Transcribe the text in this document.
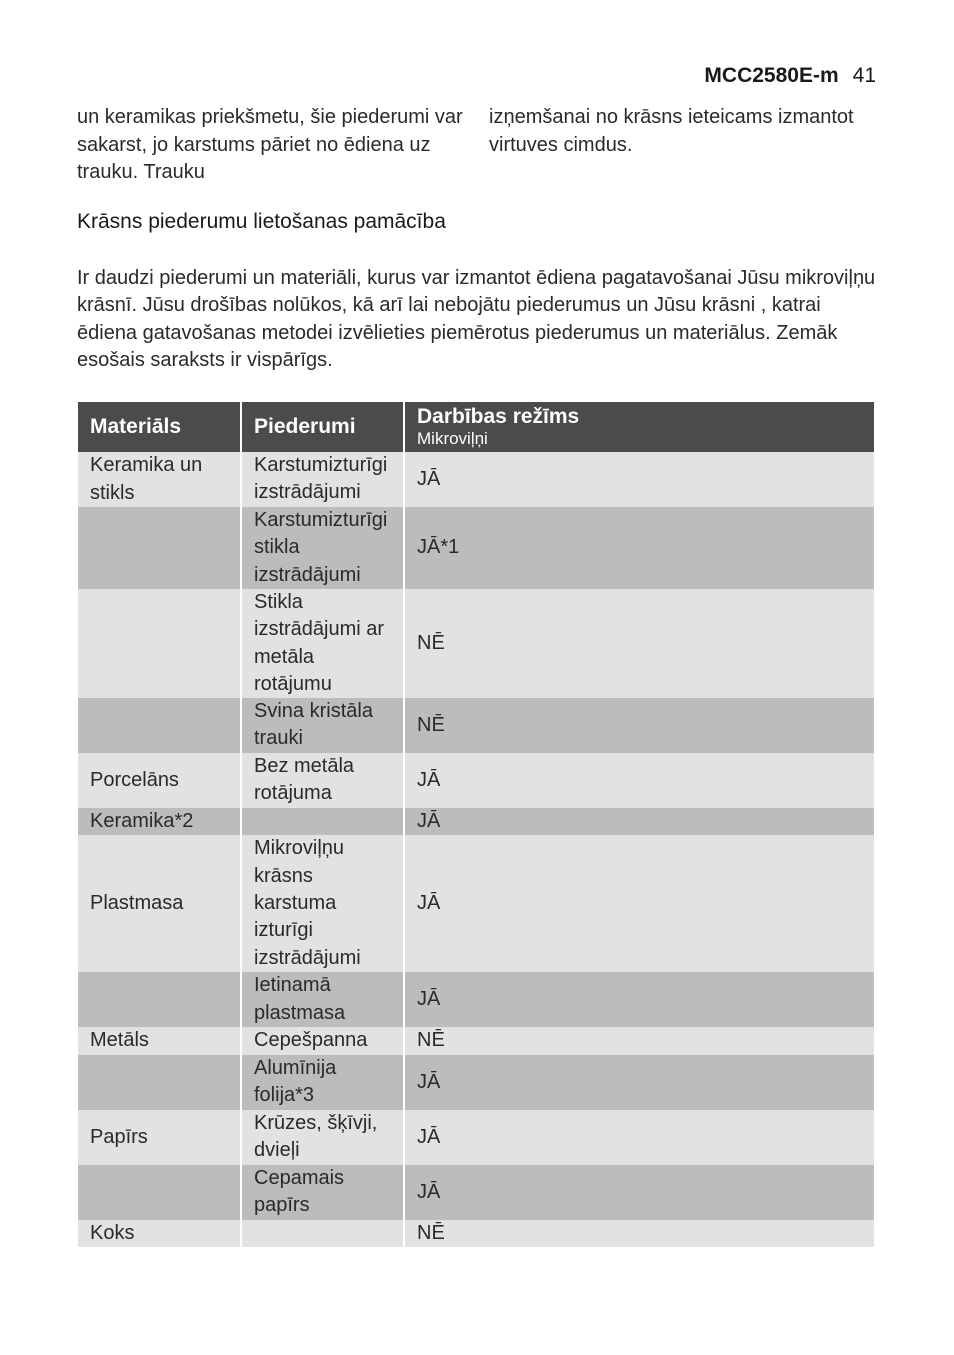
MCC2580E-m 41
un keramikas priekšmetu, šie piederumi var sakarst, jo karstums pāriet no ēdiena uz trauku. Trauku
izņemšanai no krāsns ieteicams izmantot virtuves cimdus.
Krāsns piederumu lietošanas pamācība
Ir daudzi piederumi un materiāli, kurus var izmantot ēdiena pagatavošanai Jūsu mikroviļņu krāsnī. Jūsu drošības nolūkos, kā arī lai nebojātu piederumus un Jūsu krāsni , katrai ēdiena gatavošanas metodei izvēlieties piemērotus piederumus un materiālus. Zemāk esošais saraksts ir vispārīgs.
Materiāls	Piederumi	Darbības režīms
Mikroviļņi

Keramika un stikls	Karstumizturīgi izstrādājumi	JĀ
	Karstumizturīgi stikla izstrādājumi	JĀ*1
	Stikla izstrādājumi ar metāla rotājumu	NĒ
	Svina kristāla trauki	NĒ
Porcelāns	Bez metāla rotājuma	JĀ
Keramika*2		JĀ
Plastmasa	Mikroviļņu krāsns karstuma izturīgi izstrādājumi	JĀ
	Ietinamā plastmasa	JĀ
Metāls	Cepešpanna	NĒ
	Alumīnija folija*3	JĀ
Papīrs	Krūzes, šķīvji, dvieļi	JĀ
	Cepamais papīrs	JĀ
Koks		NĒ
